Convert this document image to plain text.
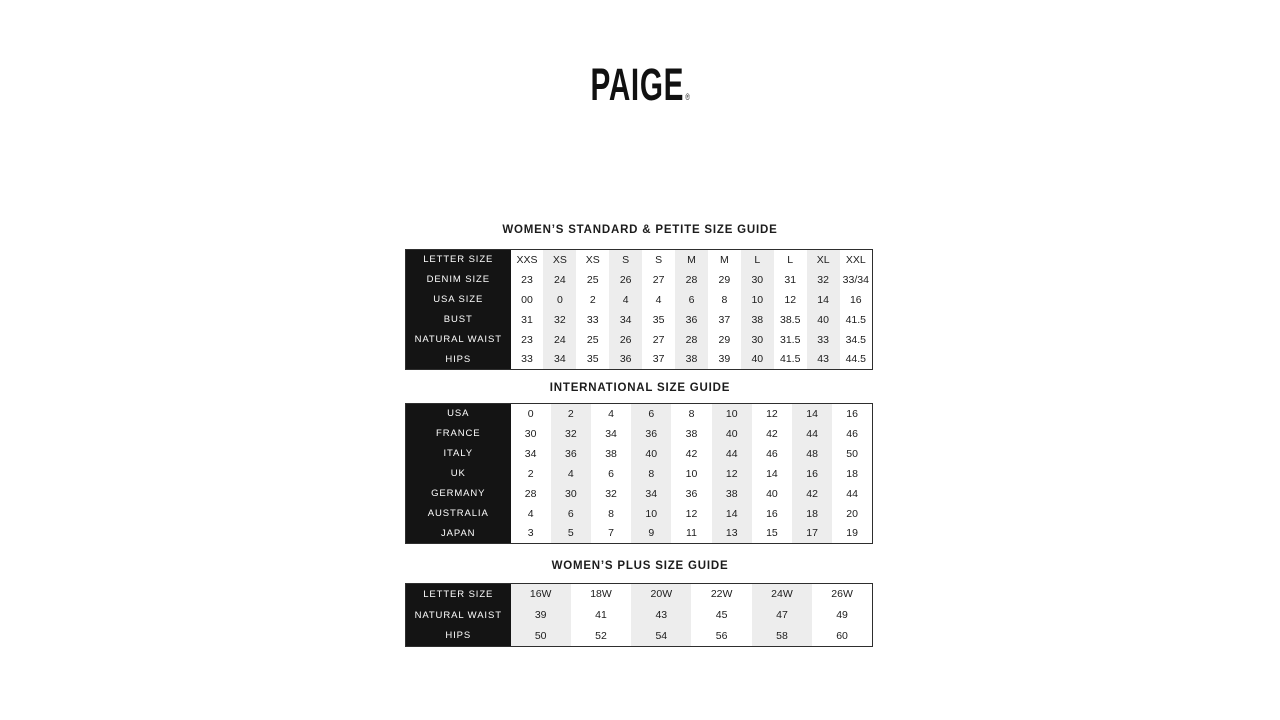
PAIGE ®
WOMEN’S STANDARD & PETITE SIZE GUIDE
LETTER SIZE	XXS	XS	XS	S	S	M	M	L	L	XL	XXL
DENIM SIZE	23	24	25	26	27	28	29	30	31	32	33/34
USA SIZE	00	0	2	4	4	6	8	10	12	14	16
BUST	31	32	33	34	35	36	37	38	38.5	40	41.5
NATURAL WAIST	23	24	25	26	27	28	29	30	31.5	33	34.5
HIPS	33	34	35	36	37	38	39	40	41.5	43	44.5
INTERNATIONAL SIZE GUIDE
USA	0	2	4	6	8	10	12	14	16
FRANCE	30	32	34	36	38	40	42	44	46
ITALY	34	36	38	40	42	44	46	48	50
UK	2	4	6	8	10	12	14	16	18
GERMANY	28	30	32	34	36	38	40	42	44
AUSTRALIA	4	6	8	10	12	14	16	18	20
JAPAN	3	5	7	9	11	13	15	17	19
WOMEN’S PLUS SIZE GUIDE
LETTER SIZE	16W	18W	20W	22W	24W	26W
NATURAL WAIST	39	41	43	45	47	49
HIPS	50	52	54	56	58	60
